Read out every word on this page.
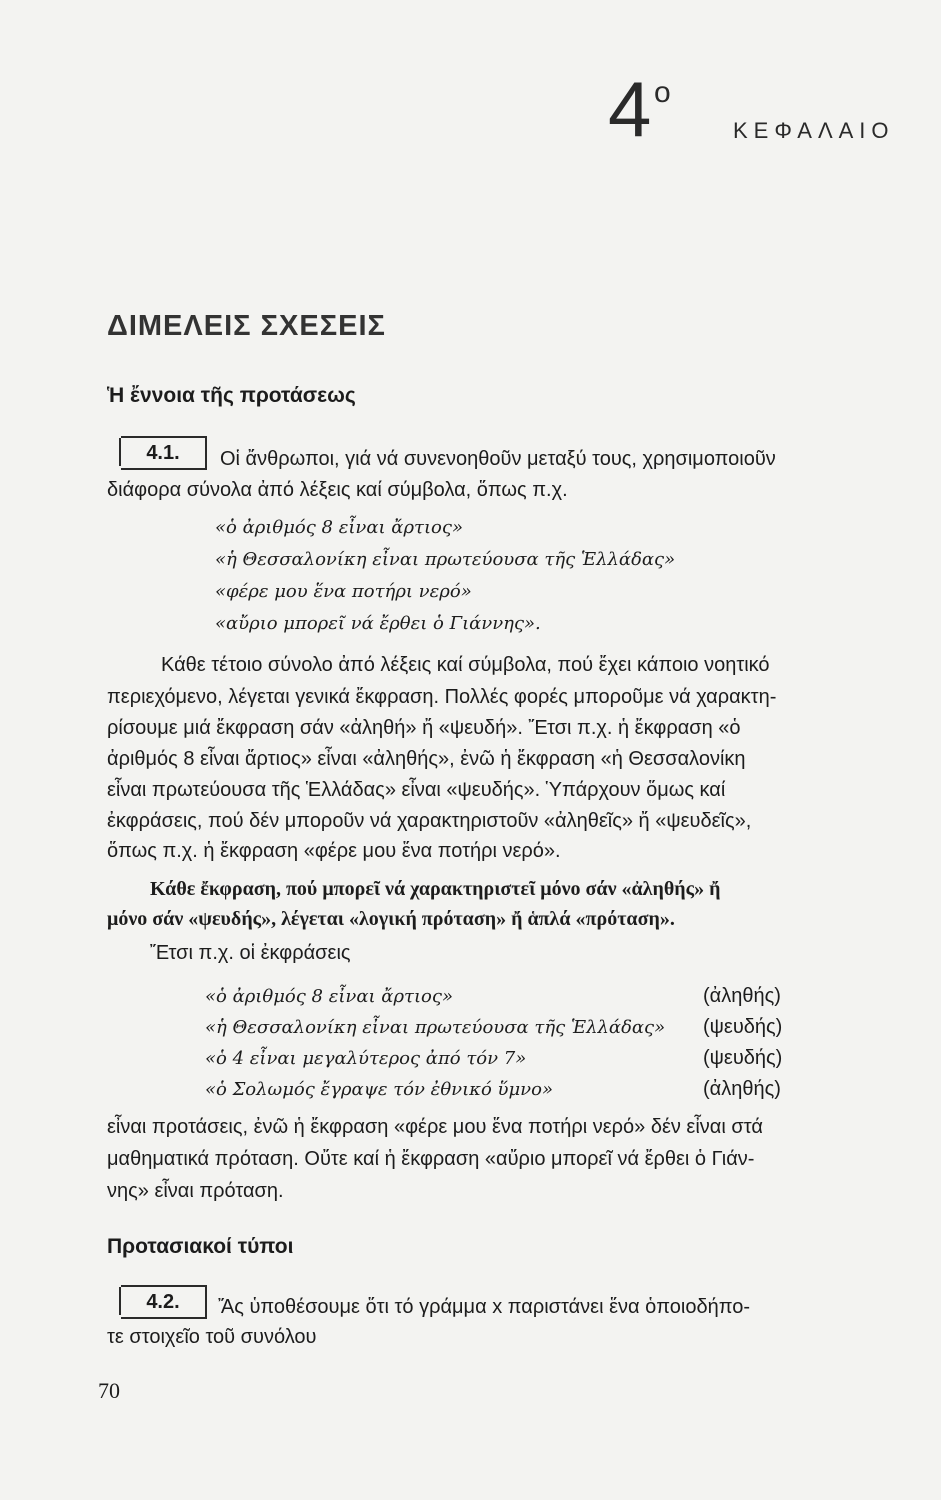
4 ο
ΚΕΦΑΛΑΙΟ
ΔΙΜΕΛΕΙΣ ΣΧΕΣΕΙΣ
Ἡ ἔννοια τῆς προτάσεως
4.1.	Οἱ ἄνθρωποι, γιά νά συνενοηθοῦν μεταξύ τους, χρησιμοποιοῦν
διάφορα σύνολα ἀπό λέξεις καί σύμβολα, ὅπως π.χ.
«ὁ ἀριθμός 8 εἶναι ἄρτιος»
«ἡ Θεσσαλονίκη εἶναι πρωτεύουσα τῆς Ἑλλάδας»
«φέρε μου ἕνα ποτήρι νερό»
«αὔριο μπορεῖ νά ἔρθει ὁ Γιάννης».
Κάθε τέτοιο σύνολο ἀπό λέξεις καί σύμβολα, πού ἔχει κάποιο νοητικό
περιεχόμενο, λέγεται γενικά ἔκφραση. Πολλές φορές μποροῦμε νά χαρακτη-
ρίσουμε μιά ἔκφραση σάν «ἀληθή» ἤ «ψευδή». Ἔτσι π.χ. ἡ ἔκφραση «ὁ
ἀριθμός 8 εἶναι ἄρτιος» εἶναι «ἀληθής», ἐνῶ ἡ ἔκφραση «ἡ Θεσσαλονίκη
εἶναι πρωτεύουσα τῆς Ἑλλάδας» εἶναι «ψευδής». Ὑπάρχουν ὅμως καί
ἐκφράσεις, πού δέν μποροῦν νά χαρακτηριστοῦν «ἀληθεῖς» ἤ «ψευδεῖς»,
ὅπως π.χ. ἡ ἔκφραση «φέρε μου ἕνα ποτήρι νερό».
Κάθε ἔκφραση, πού μπορεῖ νά χαρακτηριστεῖ μόνο σάν «ἀληθής» ἤ
μόνο σάν «ψευδής», λέγεται «λογική πρόταση» ἤ ἁπλά «πρόταση».
Ἔτσι π.χ. οἱ ἐκφράσεις
«ὁ ἀριθμός 8 εἶναι ἄρτιος»	(ἀληθής)
«ἡ Θεσσαλονίκη εἶναι πρωτεύουσα τῆς Ἑλλάδας» (ψευδής)
«ὁ 4 εἶναι μεγαλύτερος ἀπό τόν 7»	(ψευδής)
«ὁ Σολωμός ἔγραψε τόν ἐθνικό ὕμνο»	(ἀληθής)
εἶναι προτάσεις, ἐνῶ ἡ ἔκφραση «φέρε μου ἕνα ποτήρι νερό» δέν εἶναι στά
μαθηματικά πρόταση. Οὔτε καί ἡ ἔκφραση «αὔριο μπορεῖ νά ἔρθει ὁ Γιάν-
νης» εἶναι πρόταση.
Προτασιακοί τύποι
4.2.	Ἄς ὑποθέσουμε ὅτι τό γράμμα x παριστάνει ἕνα ὁποιοδήπο-
τε στοιχεῖο τοῦ συνόλου
70
